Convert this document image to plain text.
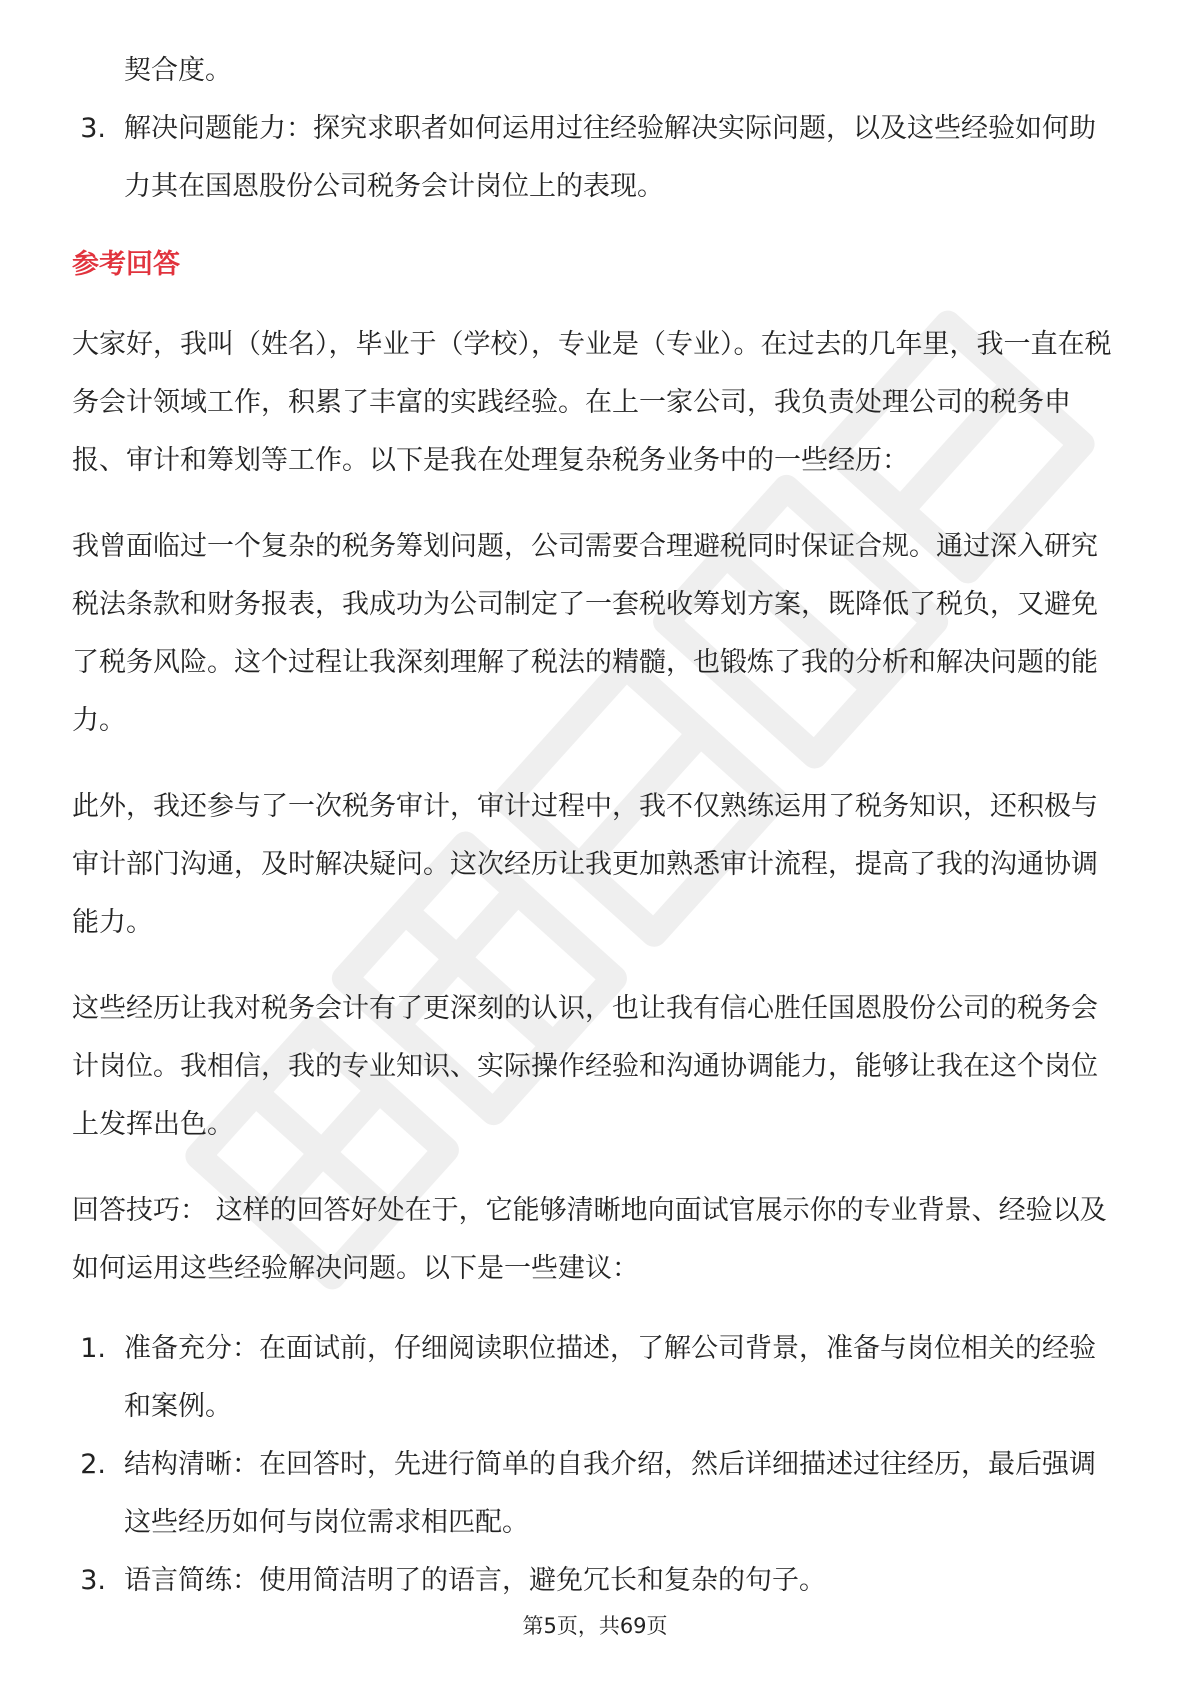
契合度。
3. 解决问题能力：探究求职者如何运用过往经验解决实际问题，以及这些经验如何助力其在国恩股份公司税务会计岗位上的表现。
参考回答

大家好，我叫（姓名），毕业于（学校），专业是（专业）。在过去的几年里，我一直在税务会计领域工作，积累了丰富的实践经验。在上一家公司，我负责处理公司的税务申报、审计和筹划等工作。以下是我在处理复杂税务业务中的一些经历：

我曾面临过一个复杂的税务筹划问题，公司需要合理避税同时保证合规。通过深入研究税法条款和财务报表，我成功为公司制定了一套税收筹划方案，既降低了税负，又避免了税务风险。这个过程让我深刻理解了税法的精髓，也锻炼了我的分析和解决问题的能力。

此外，我还参与了一次税务审计，审计过程中，我不仅熟练运用了税务知识，还积极与审计部门沟通，及时解决疑问。这次经历让我更加熟悉审计流程，提高了我的沟通协调能力。

这些经历让我对税务会计有了更深刻的认识，也让我有信心胜任国恩股份公司的税务会计岗位。我相信，我的专业知识、实际操作经验和沟通协调能力，能够让我在这个岗位上发挥出色。

回答技巧： 这样的回答好处在于，它能够清晰地向面试官展示你的专业背景、经验以及如何运用这些经验解决问题。以下是一些建议：

1. 准备充分：在面试前，仔细阅读职位描述，了解公司背景，准备与岗位相关的经验和案例。
2. 结构清晰：在回答时，先进行简单的自我介绍，然后详细描述过往经历，最后强调这些经历如何与岗位需求相匹配。
3. 语言简练：使用简洁明了的语言，避免冗长和复杂的句子。
第5页，共69页
